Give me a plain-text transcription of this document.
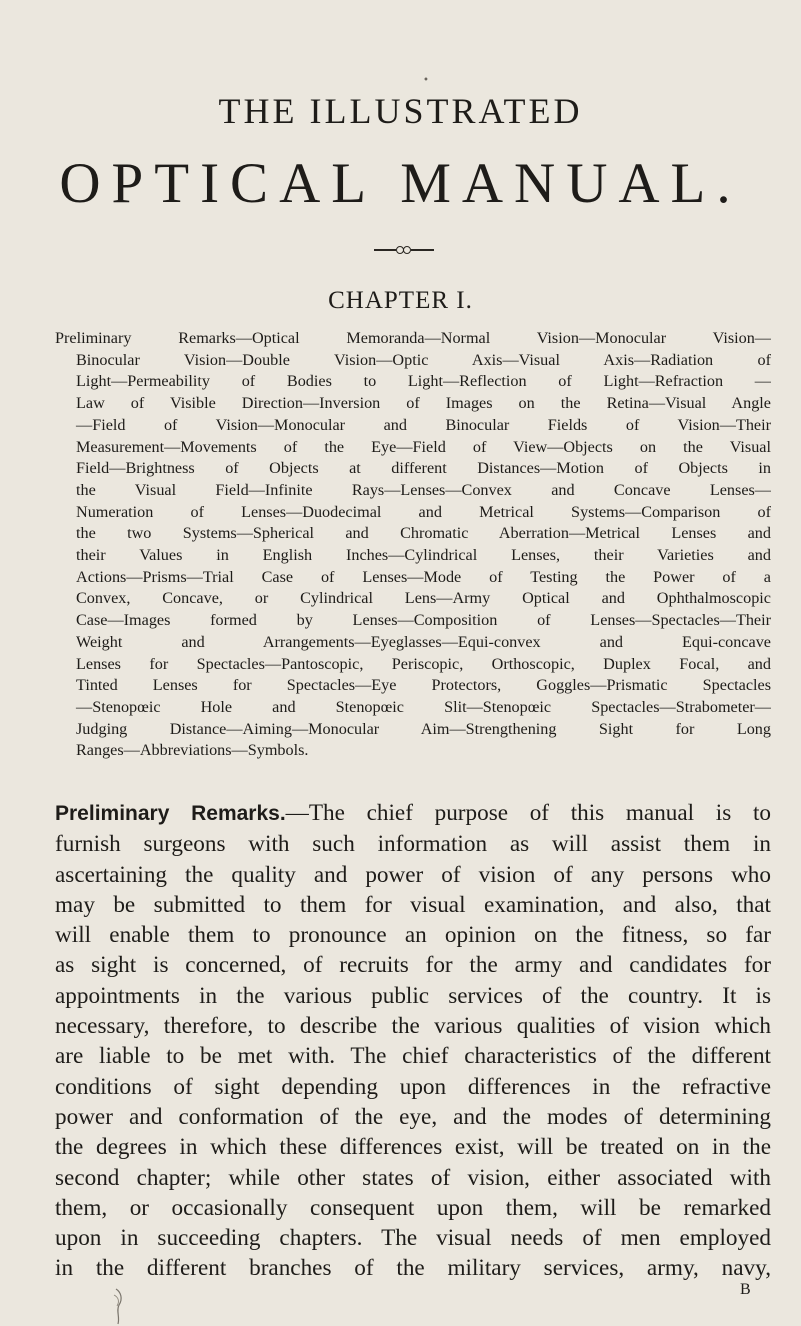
•
THE ILLUSTRATED
OPTICAL MANUAL.
CHAPTER I.
Preliminary Remarks—Optical Memoranda—Normal Vision—Monocular Vision—
Binocular Vision—Double Vision—Optic Axis—Visual Axis—Radiation of
Light—Permeability of Bodies to Light—Reflection of Light—Refraction —
Law of Visible Direction—Inversion of Images on the Retina—Visual Angle
—Field of Vision—Monocular and Binocular Fields of Vision—Their
Measurement—Movements of the Eye—Field of View—Objects on the Visual
Field—Brightness of Objects at different Distances—Motion of Objects in
the Visual Field—Infinite Rays—Lenses—Convex and Concave Lenses—
Numeration of Lenses—Duodecimal and Metrical Systems—Comparison of
the two Systems—Spherical and Chromatic Aberration—Metrical Lenses and
their Values in English Inches—Cylindrical Lenses, their Varieties and
Actions—Prisms—Trial Case of Lenses—Mode of Testing the Power of a
Convex, Concave, or Cylindrical Lens—Army Optical and Ophthalmoscopic
Case—Images formed by Lenses—Composition of Lenses—Spectacles—Their
Weight and Arrangements—Eyeglasses—Equi-convex and Equi-concave
Lenses for Spectacles—Pantoscopic, Periscopic, Orthoscopic, Duplex Focal, and
Tinted Lenses for Spectacles—Eye Protectors, Goggles—Prismatic Spectacles
—Stenopœic Hole and Stenopœic Slit—Stenopœic Spectacles—Strabometer—
Judging Distance—Aiming—Monocular Aim—Strengthening Sight for Long
Ranges—Abbreviations—Symbols.
Preliminary Remarks.—The chief purpose of this manual is to
furnish surgeons with such information as will assist them in
ascertaining the quality and power of vision of any persons who
may be submitted to them for visual examination, and also, that
will enable them to pronounce an opinion on the fitness, so far
as sight is concerned, of recruits for the army and candidates for
appointments in the various public services of the country. It is
necessary, therefore, to describe the various qualities of vision which
are liable to be met with. The chief characteristics of the different
conditions of sight depending upon differences in the refractive
power and conformation of the eye, and the modes of determining
the degrees in which these differences exist, will be treated on in the
second chapter; while other states of vision, either associated with
them, or occasionally consequent upon them, will be remarked
upon in succeeding chapters. The visual needs of men employed
in the different branches of the military services, army, navy,
B
